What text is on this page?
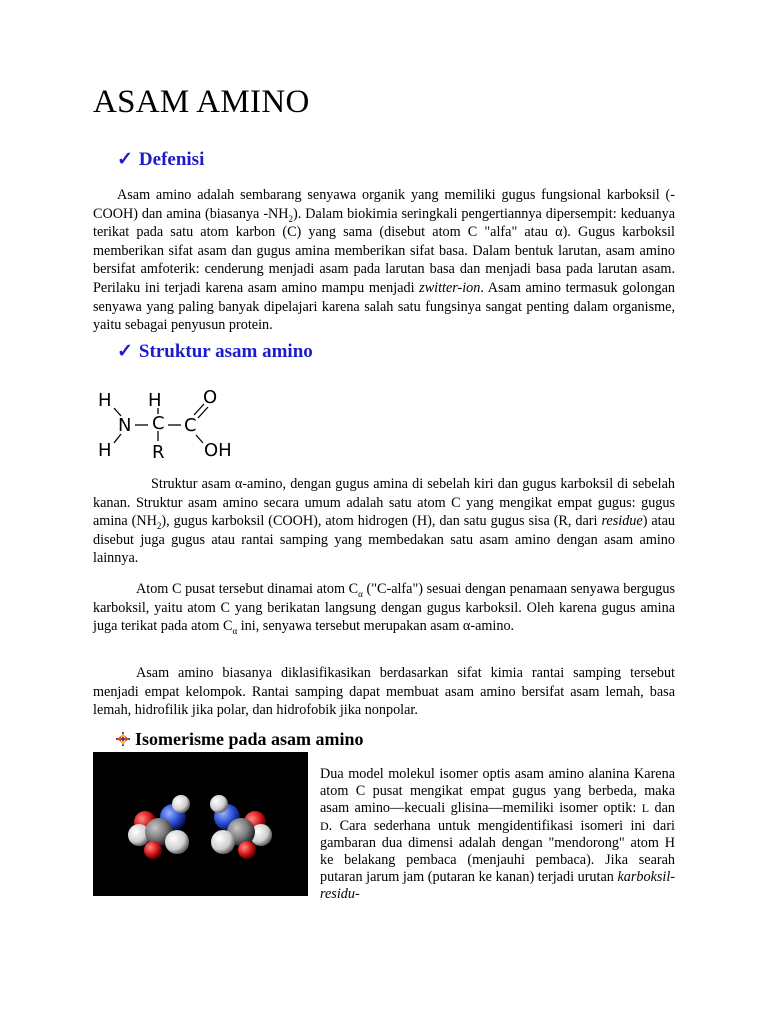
ASAM AMINO
✓ Defenisi
Asam amino adalah sembarang senyawa organik yang memiliki gugus fungsional karboksil (-COOH) dan amina (biasanya $-NH_2$). Dalam biokimia seringkali pengertiannya dipersempit: keduanya terikat pada satu atom karbon (C) yang sama (disebut atom C "alfa" atau α). Gugus karboksil memberikan sifat asam dan gugus amina memberikan sifat basa. Dalam bentuk larutan, asam amino bersifat amfoterik: cenderung menjadi asam pada larutan basa dan menjadi basa pada larutan asam. Perilaku ini terjadi karena asam amino mampu menjadi zwitter-ion. Asam amino termasuk golongan senyawa yang paling banyak dipelajari karena salah satu fungsinya sangat penting dalam organisme, yaitu sebagai penyusun protein.
✓ Struktur asam amino
H H O
N C C
H R OH
Struktur asam α-amino, dengan gugus amina di sebelah kiri dan gugus karboksil di sebelah kanan. Struktur asam amino secara umum adalah satu atom C yang mengikat empat gugus: gugus amina $(NH_2)$, gugus karboksil (COOH), atom hidrogen (H), dan satu gugus sisa (R, dari residue) atau disebut juga gugus atau rantai samping yang membedakan satu asam amino dengan asam amino lainnya.
Atom C pusat tersebut dinamai atom $C_\alpha$ ("C-alfa") sesuai dengan penamaan senyawa bergugus karboksil, yaitu atom C yang berikatan langsung dengan gugus karboksil. Oleh karena gugus amina juga terikat pada atom $C_\alpha$ ini, senyawa tersebut merupakan asam α-amino.
Asam amino biasanya diklasifikasikan berdasarkan sifat kimia rantai samping tersebut menjadi empat kelompok. Rantai samping dapat membuat asam amino bersifat asam lemah, basa lemah, hidrofilik jika polar, dan hidrofobik jika nonpolar.
Isomerisme pada asam amino
Dua model molekul isomer optis asam amino alanina Karena atom C pusat mengikat empat gugus yang berbeda, maka asam amino—kecuali glisina—memiliki isomer optik: L dan D. Cara sederhana untuk mengidentifikasi isomeri ini dari gambaran dua dimensi adalah dengan "mendorong" atom H ke belakang pembaca (menjauhi pembaca). Jika searah putaran jarum jam (putaran ke kanan) terjadi urutan karboksil-residu-
